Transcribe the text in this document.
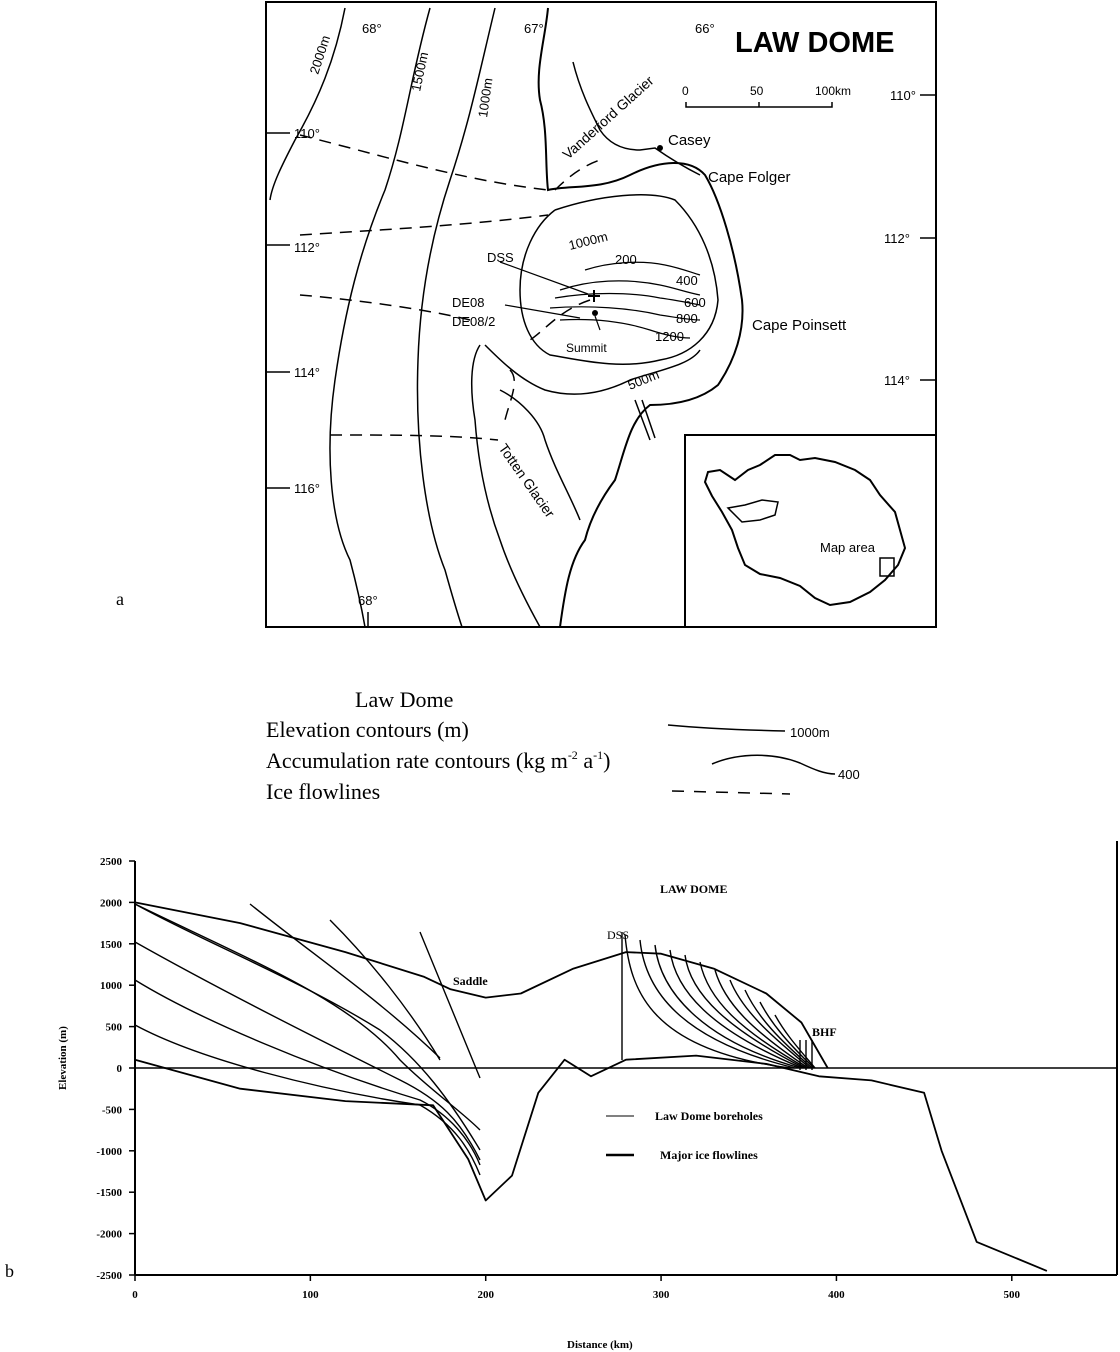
Map area
68°	67°	66°
68°
110°
112°
114°
116°
110°
112°
114°
LAW DOME
0	50	100km
2000m	1500m
1000m
1000m
500m
200
400
600
800
1200
DSS
DE08
DE08/2
Summit
Casey
Cape Folger
Cape Poinsett
Vanderford Glacier
Totten Glacier
a
Law Dome
Elevation contours (m)
Accumulation rate contours (kg $m^{-2}$ $a^{-1}$)
Ice flowlines
1000m
400
2500
2000
1500
1000
500
0
-500
-1000
-1500
-2000
-2500
0	100	200	300	400	500
LAW DOME
DSS
Saddle
BHF
Law Dome boreholes
Major ice flowlines
Distance (km)
Elevation (m)
b
